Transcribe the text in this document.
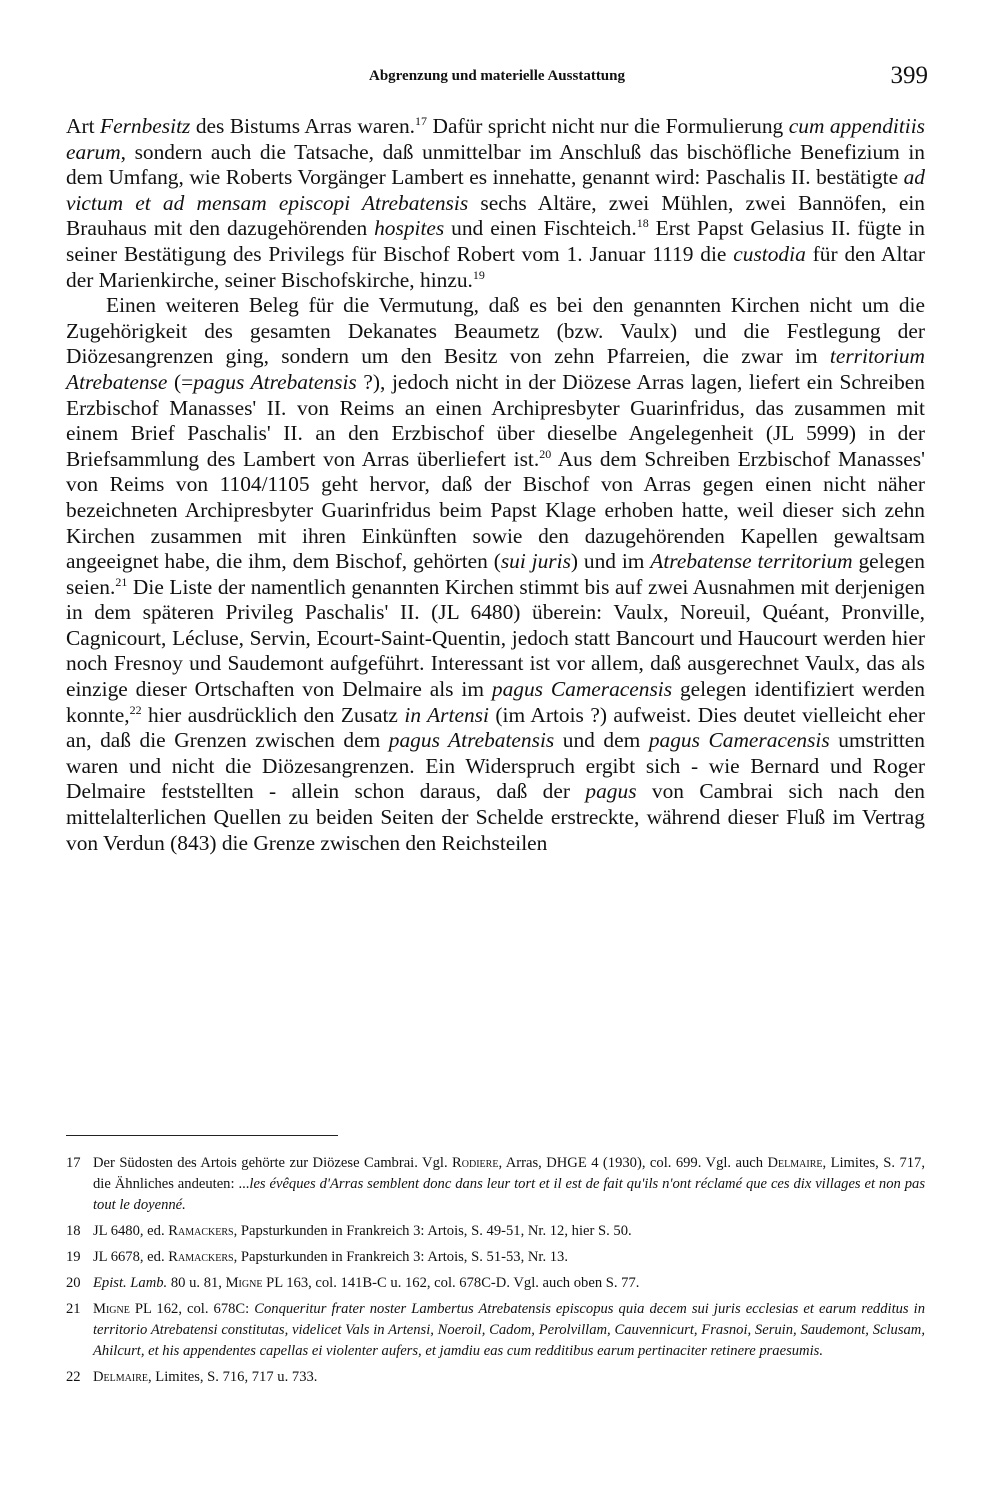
Abgrenzung und materielle Ausstattung	399

Art Fernbesitz des Bistums Arras waren.$^{17}$ Dafür spricht nicht nur die Formulierung cum appenditiis earum, sondern auch die Tatsache, daß unmittelbar im Anschluß das bischöfliche Benefizium in dem Umfang, wie Roberts Vorgänger Lambert es innehatte, genannt wird: Paschalis II. bestätigte ad victum et ad mensam episcopi Atrebatensis sechs Altäre, zwei Mühlen, zwei Bannöfen, ein Brauhaus mit den dazugehörenden hospites und einen Fischteich.$^{18}$ Erst Papst Gelasius II. fügte in seiner Bestätigung des Privilegs für Bischof Robert vom 1. Januar 1119 die custodia für den Altar der Marienkirche, seiner Bischofskirche, hinzu.$^{19}$

Einen weiteren Beleg für die Vermutung, daß es bei den genannten Kirchen nicht um die Zugehörigkeit des gesamten Dekanates Beaumetz (bzw. Vaulx) und die Festlegung der Diözesangrenzen ging, sondern um den Besitz von zehn Pfarreien, die zwar im territorium Atrebatense (=pagus Atrebatensis ?), jedoch nicht in der Diözese Arras lagen, liefert ein Schreiben Erzbischof Manasses' II. von Reims an einen Archipresbyter Guarinfridus, das zusammen mit einem Brief Paschalis' II. an den Erzbischof über dieselbe Angelegenheit (JL 5999) in der Briefsammlung des Lambert von Arras überliefert ist.$^{20}$ Aus dem Schreiben Erzbischof Manasses' von Reims von 1104/1105 geht hervor, daß der Bischof von Arras gegen einen nicht näher bezeichneten Archipresbyter Guarinfridus beim Papst Klage erhoben hatte, weil dieser sich zehn Kirchen zusammen mit ihren Einkünften sowie den dazugehörenden Kapellen gewaltsam angeeignet habe, die ihm, dem Bischof, gehörten (sui juris) und im Atrebatense territorium gelegen seien.$^{21}$ Die Liste der namentlich genannten Kirchen stimmt bis auf zwei Ausnahmen mit derjenigen in dem späteren Privileg Paschalis' II. (JL 6480) überein: Vaulx, Noreuil, Quéant, Pronville, Cagnicourt, Lécluse, Servin, Ecourt-Saint-Quentin, jedoch statt Bancourt und Haucourt werden hier noch Fresnoy und Saudemont aufgeführt. Interessant ist vor allem, daß ausgerechnet Vaulx, das als einzige dieser Ortschaften von Delmaire als im pagus Cameracensis gelegen identifiziert werden konnte,$^{22}$ hier ausdrücklich den Zusatz in Artensi (im Artois ?) aufweist. Dies deutet vielleicht eher an, daß die Grenzen zwischen dem pagus Atrebatensis und dem pagus Cameracensis umstritten waren und nicht die Diözesangrenzen. Ein Widerspruch ergibt sich - wie Bernard und Roger Delmaire feststellten - allein schon daraus, daß der pagus von Cambrai sich nach den mittelalterlichen Quellen zu beiden Seiten der Schelde erstreckte, während dieser Fluß im Vertrag von Verdun (843) die Grenze zwischen den Reichsteilen

17 Der Südosten des Artois gehörte zur Diözese Cambrai. Vgl. Rodiere, Arras, DHGE 4 (1930), col. 699. Vgl. auch Delmaire, Limites, S. 717, die Ähnliches andeuten: ...les évêques d'Arras semblent donc dans leur tort et il est de fait qu'ils n'ont réclamé que ces dix villages et non pas tout le doyenné.
18 JL 6480, ed. Ramackers, Papsturkunden in Frankreich 3: Artois, S. 49-51, Nr. 12, hier S. 50.
19 JL 6678, ed. Ramackers, Papsturkunden in Frankreich 3: Artois, S. 51-53, Nr. 13.
20 Epist. Lamb. 80 u. 81, Migne PL 163, col. 141B-C u. 162, col. 678C-D. Vgl. auch oben S. 77.
21 Migne PL 162, col. 678C: Conqueritur frater noster Lambertus Atrebatensis episcopus quia decem sui juris ecclesias et earum redditus in territorio Atrebatensi constitutas, videlicet Vals in Artensi, Noeroil, Cadom, Perolvillam, Cauvennicurt, Frasnoi, Seruin, Saudemont, Sclusam, Ahilcurt, et his appendentes capellas ei violenter aufers, et jamdiu eas cum redditibus earum pertinaciter retinere praesumis.
22 Delmaire, Limites, S. 716, 717 u. 733.
